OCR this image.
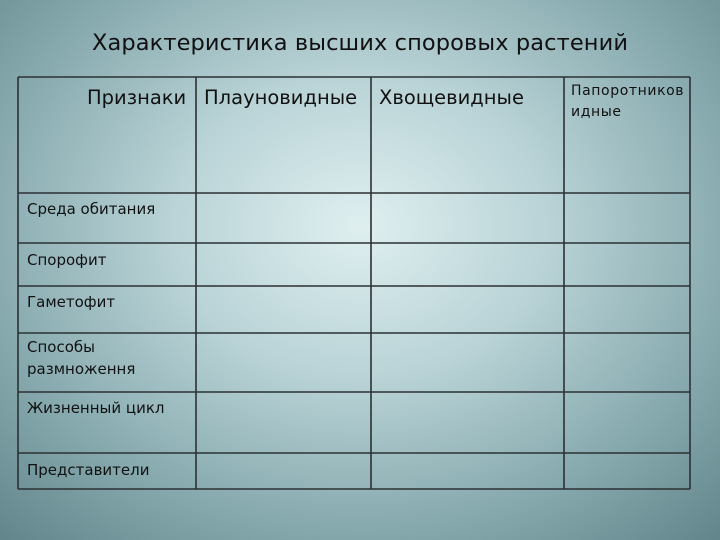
Характеристика высших споровых растений
Признаки Плауновидные Хвощевидные	Папоротников
идные
Среда обитания
Спорофит
Гаметофит
Способы
размноження
Жизненный цикл
Представители
